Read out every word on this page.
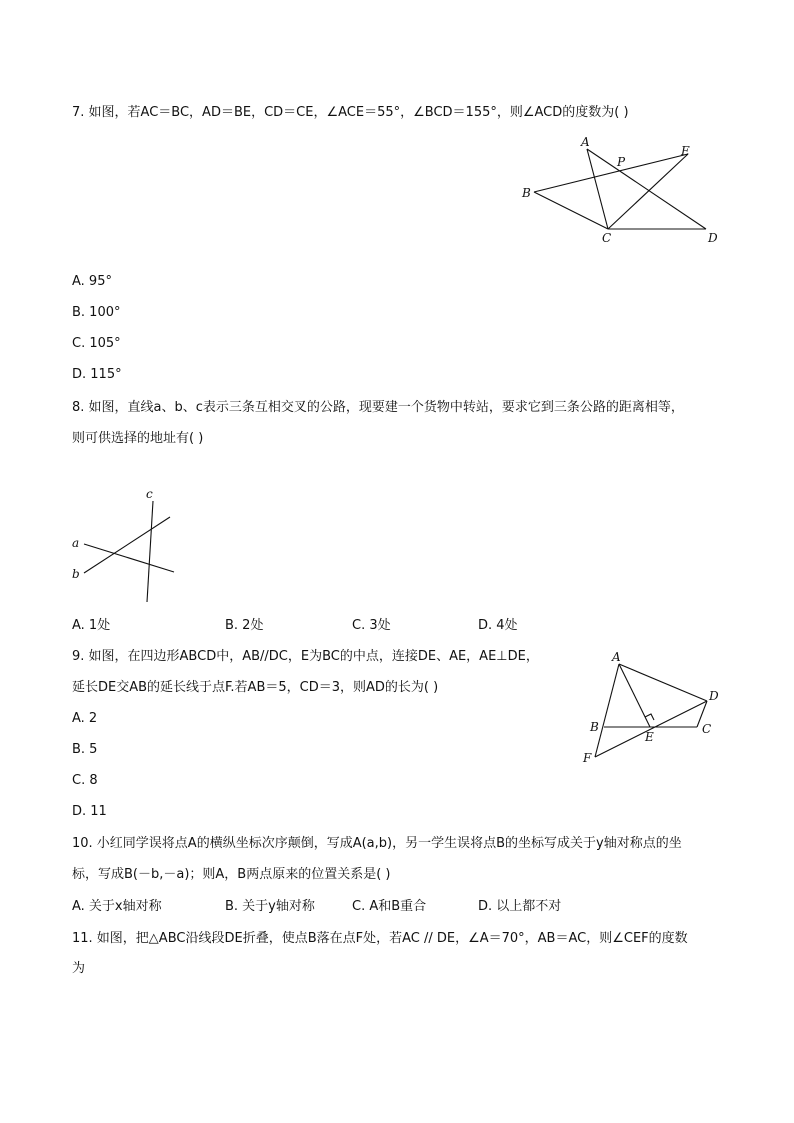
7. 如图，若AC＝BC，AD＝BE，CD＝CE，∠ACE＝55°，∠BCD＝155°，则∠ACD的度数为( )
A
P
E
B
C	D
A. 95°
B. 100°
C. 105°
D. 115°
8. 如图，直线a、b、c表示三条互相交叉的公路，现要建一个货物中转站，要求它到三条公路的距离相等，
则可供选择的地址有( )
c
a
b
A. 1处	B. 2处	C. 3处	D. 4处
9. 如图，在四边形ABCD中，AB//DC，E为BC的中点，连接DE、AE，AE⊥DE，
延长DE交AB的延长线于点F.若AB＝5，CD＝3，则AD的长为( )
A
D
B
E
C
F
A. 2
B. 5
C. 8
D. 11
10. 小红同学误将点A的横纵坐标次序颠倒，写成A(a,b)，另一学生误将点B的坐标写成关于y轴对称点的坐
标，写成B(－b,－a)；则A，B两点原来的位置关系是( )
A. 关于x轴对称	B. 关于y轴对称	C. A和B重合	D. 以上都不对
11. 如图，把△ABC沿线段DE折叠，使点B落在点F处，若AC // DE，∠A＝70°，AB＝AC，则∠CEF的度数
为
